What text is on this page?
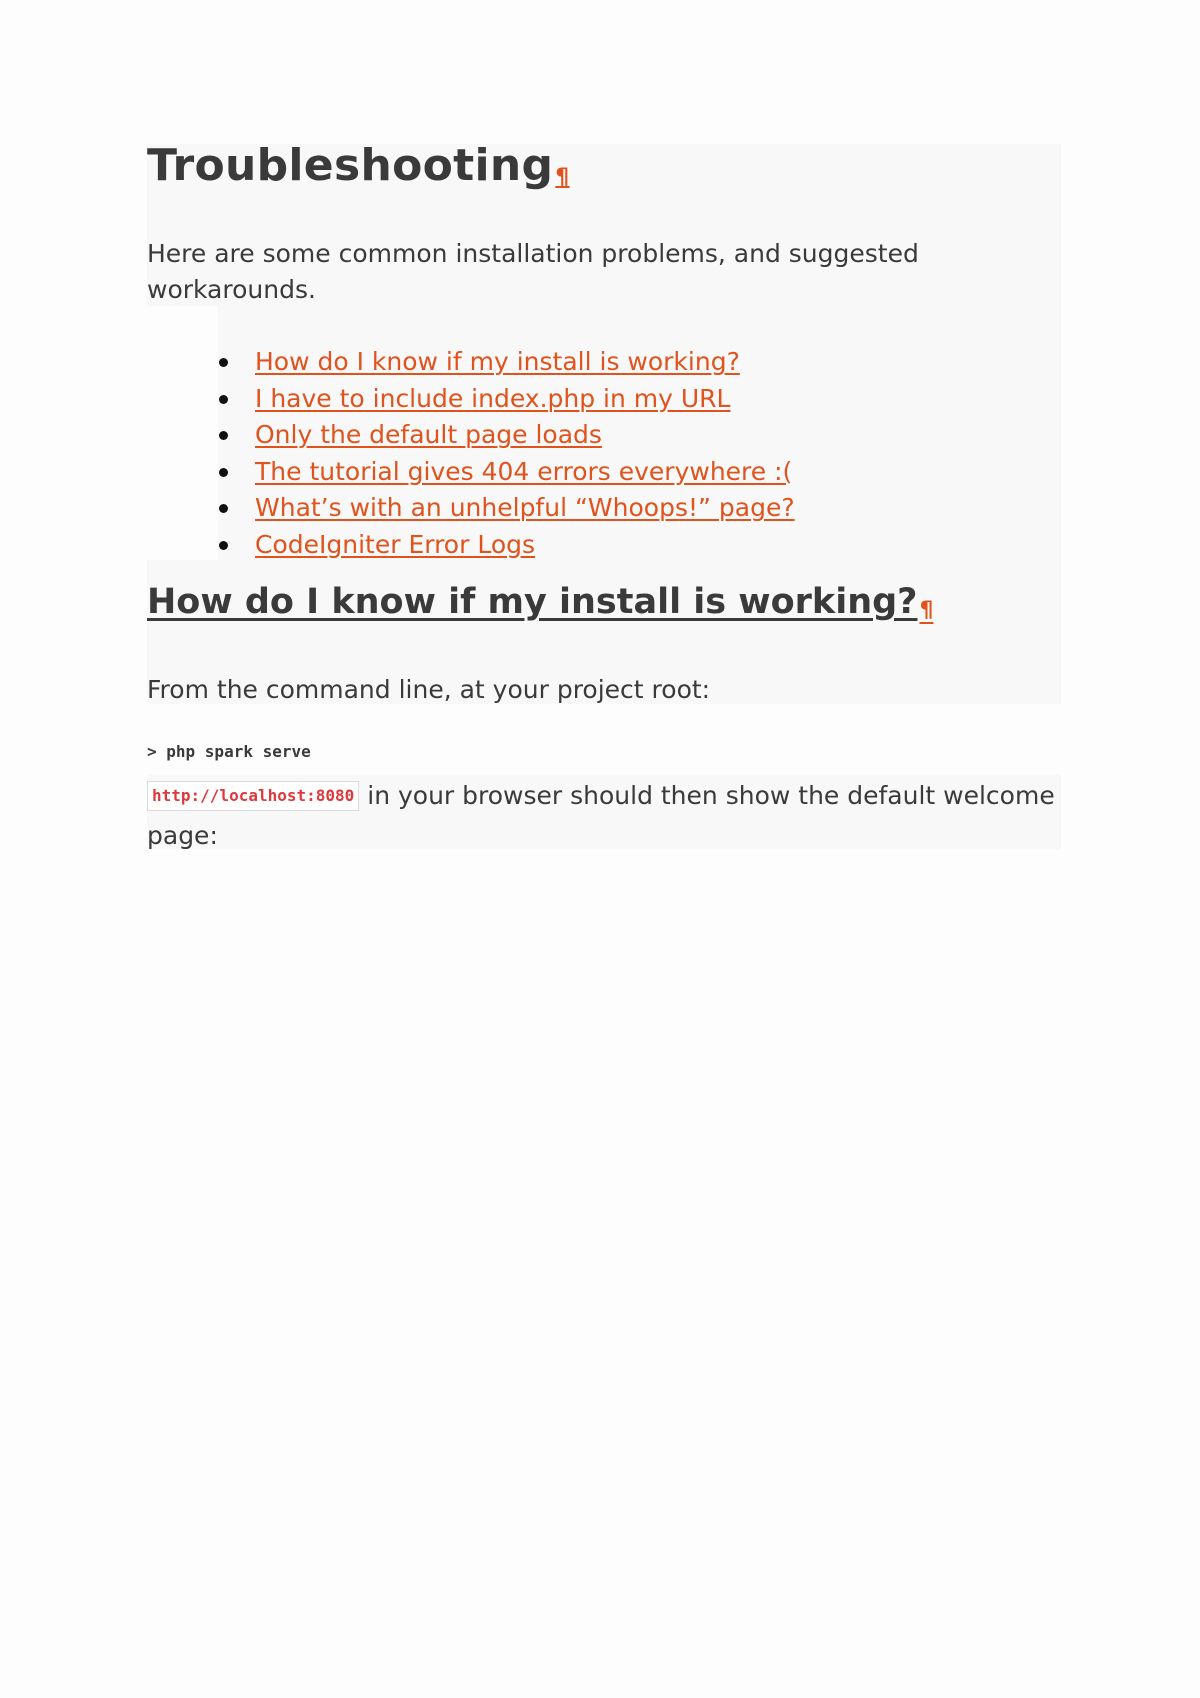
Troubleshooting¶

Here are some common installation problems, and suggested workarounds.

How do I know if my install is working?
I have to include index.php in my URL
Only the default page loads
The tutorial gives 404 errors everywhere :(
What’s with an unhelpful “Whoops!” page?
CodeIgniter Error Logs
How do I know if my install is working?¶

From the command line, at your project root:

> php spark serve

http://localhost:8080 in your browser should then show the default welcome page:
